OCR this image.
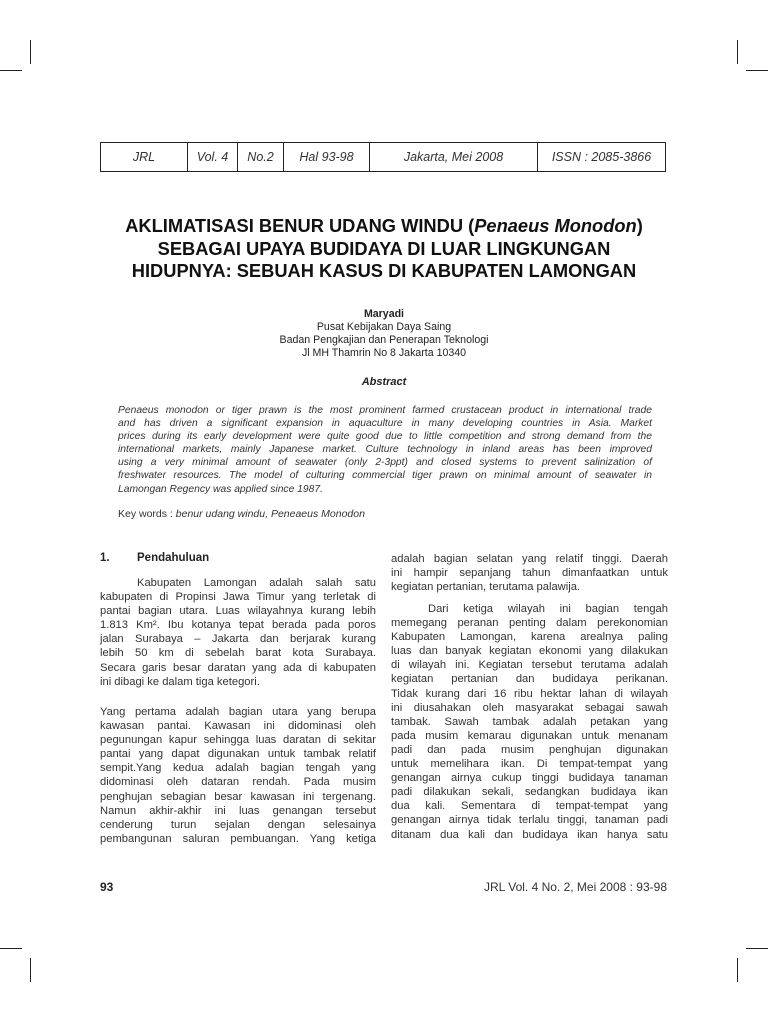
JRL	Vol. 4	No.2	Hal 93-98	Jakarta, Mei 2008	ISSN : 2085-3866
AKLIMATISASI BENUR UDANG WINDU (Penaeus Monodon)
SEBAGAI UPAYA BUDIDAYA DI LUAR LINGKUNGAN
HIDUPNYA: SEBUAH KASUS DI KABUPATEN LAMONGAN
Maryadi
Pusat Kebijakan Daya Saing
Badan Pengkajian dan Penerapan Teknologi
Jl MH Thamrin No 8 Jakarta 10340
Abstract
Penaeus monodon or tiger prawn is the most prominent farmed crustacean product in international trade
and has driven a significant expansion in aquaculture in many developing countries in Asia. Market
prices during its early development were quite good due to little competition and strong demand from the
international markets, mainly Japanese market. Culture technology in inland areas has been improved
using a very minimal amount of seawater (only 2-3ppt) and closed systems to prevent salinization of
freshwater resources. The model of culturing commercial tiger prawn on minimal amount of seawater in
Lamongan Regency was applied since 1987.
Key words : benur udang windu, Peneaeus Monodon
1. Pendahuluan
Kabupaten Lamongan adalah salah satu
kabupaten di Propinsi Jawa Timur yang terletak di
pantai bagian utara. Luas wilayahnya kurang lebih
1.813 Km². Ibu kotanya tepat berada pada poros
jalan Surabaya – Jakarta dan berjarak kurang
lebih 50 km di sebelah barat kota Surabaya.
Secara garis besar daratan yang ada di kabupaten
ini dibagi ke dalam tiga ketegori.
Yang pertama adalah bagian utara yang berupa
kawasan pantai. Kawasan ini didominasi oleh
pegunungan kapur sehingga luas daratan di sekitar
pantai yang dapat digunakan untuk tambak relatif
sempit.Yang kedua adalah bagian tengah yang
didominasi oleh dataran rendah. Pada musim
penghujan sebagian besar kawasan ini tergenang.
Namun akhir-akhir ini luas genangan tersebut
cenderung turun sejalan dengan selesainya
pembangunan saluran pembuangan. Yang ketiga
adalah bagian selatan yang relatif tinggi. Daerah
ini hampir sepanjang tahun dimanfaatkan untuk
kegiatan pertanian, terutama palawija.
Dari ketiga wilayah ini bagian tengah
memegang peranan penting dalam perekonomian
Kabupaten Lamongan, karena arealnya paling
luas dan banyak kegiatan ekonomi yang dilakukan
di wilayah ini. Kegiatan tersebut terutama adalah
kegiatan pertanian dan budidaya perikanan.
Tidak kurang dari 16 ribu hektar lahan di wilayah
ini diusahakan oleh masyarakat sebagai sawah
tambak. Sawah tambak adalah petakan yang
pada musim kemarau digunakan untuk menanam
padi dan pada musim penghujan digunakan
untuk memelihara ikan. Di tempat-tempat yang
genangan airnya cukup tinggi budidaya tanaman
padi dilakukan sekali, sedangkan budidaya ikan
dua kali. Sementara di tempat-tempat yang
genangan airnya tidak terlalu tinggi, tanaman padi
ditanam dua kali dan budidaya ikan hanya satu
93	JRL Vol. 4 No. 2, Mei 2008 : 93-98
